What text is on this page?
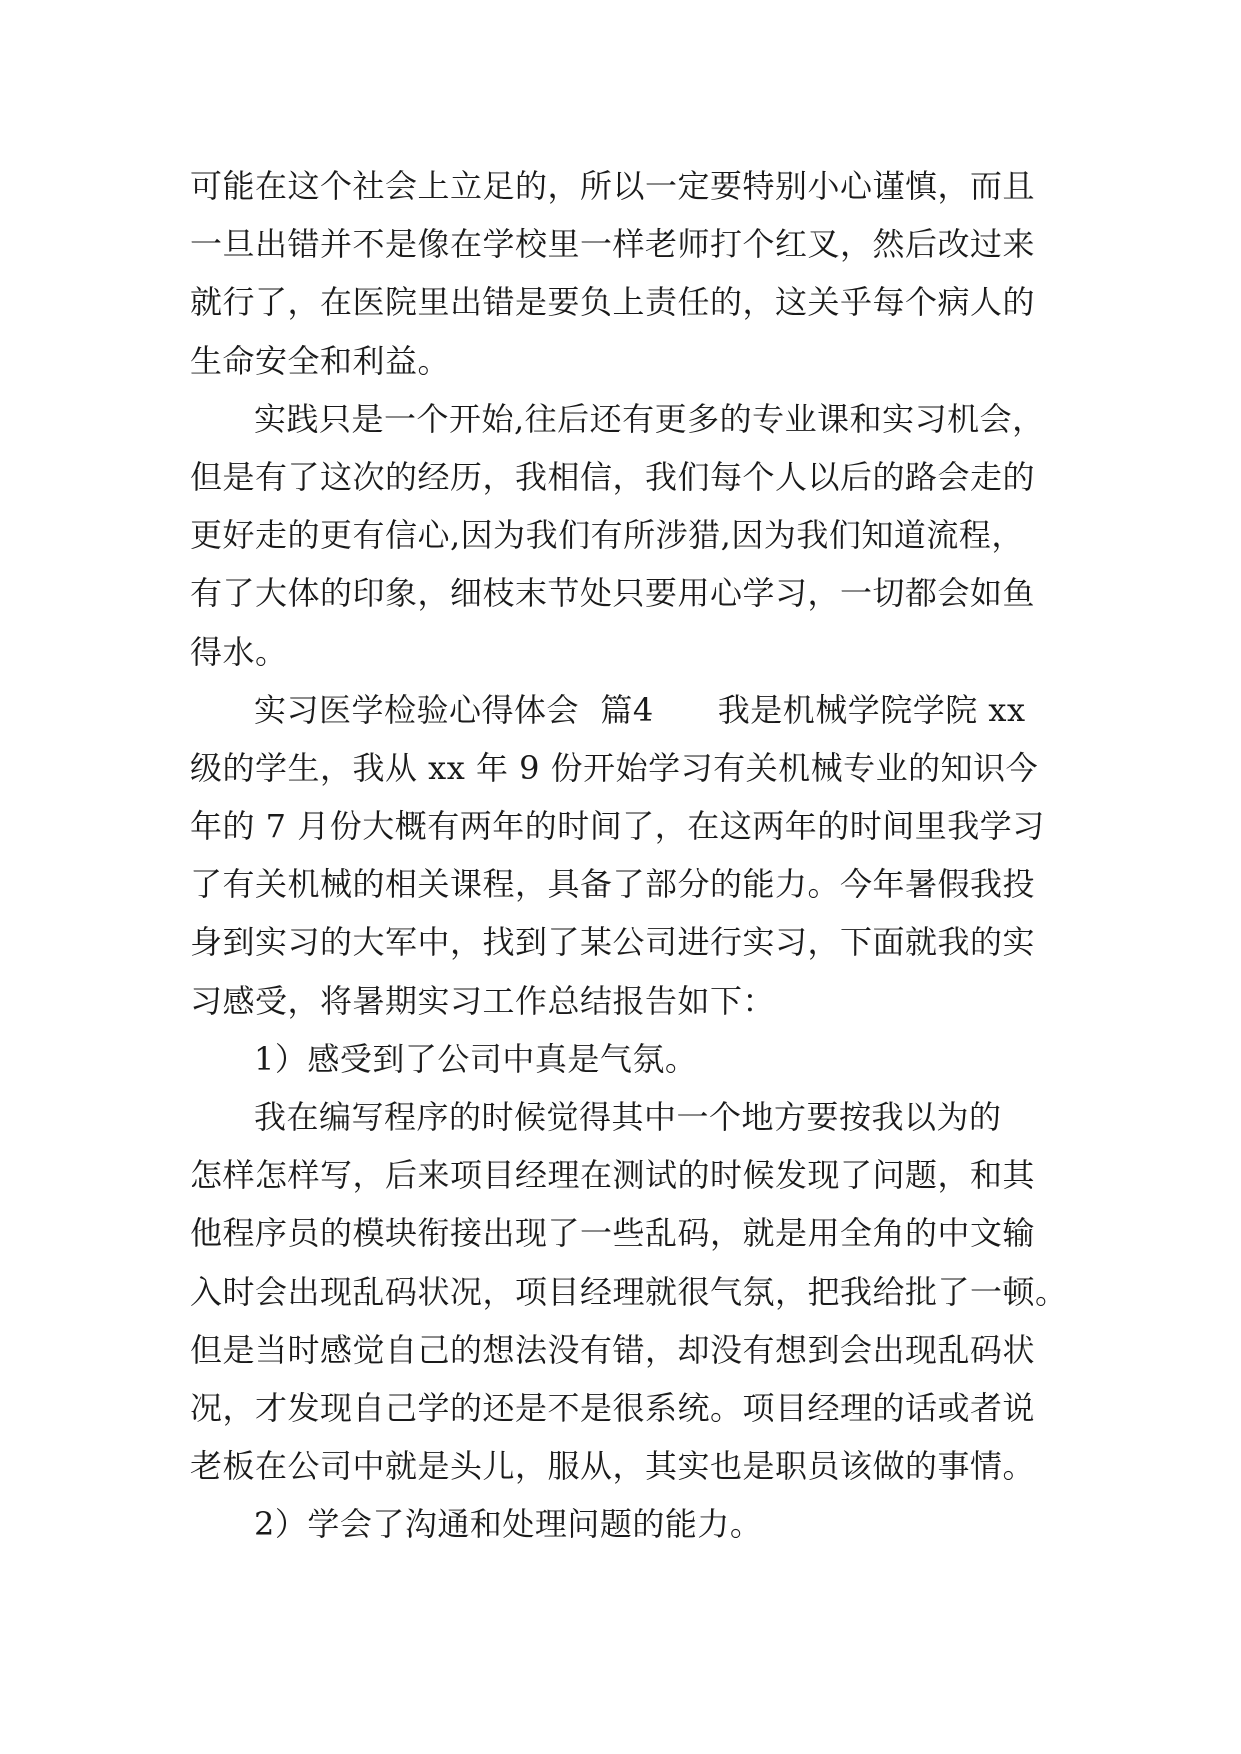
可能在这个社会上立足的，所以一定要特别小心谨慎，而且
一旦出错并不是像在学校里一样老师打个红叉，然后改过来
就行了，在医院里出错是要负上责任的，这关乎每个病人的
生命安全和利益。
实践只是一个开始,往后还有更多的专业课和实习机会，
但是有了这次的经历，我相信，我们每个人以后的路会走的
更好走的更有信心,因为我们有所涉猎,因为我们知道流程，
有了大体的印象，细枝末节处只要用心学习，一切都会如鱼
得水。
实习医学检验心得体会  篇4      我是机械学院学院 xx
级的学生，我从 xx 年 9 份开始学习有关机械专业的知识今
年的 7 月份大概有两年的时间了，在这两年的时间里我学习
了有关机械的相关课程，具备了部分的能力。今年暑假我投
身到实习的大军中，找到了某公司进行实习，下面就我的实
习感受，将暑期实习工作总结报告如下：
1）感受到了公司中真是气氛。
我在编写程序的时候觉得其中一个地方要按我以为的
怎样怎样写，后来项目经理在测试的时候发现了问题，和其
他程序员的模块衔接出现了一些乱码，就是用全角的中文输
入时会出现乱码状况，项目经理就很气氛，把我给批了一顿。
但是当时感觉自己的想法没有错，却没有想到会出现乱码状
况，才发现自己学的还是不是很系统。项目经理的话或者说
老板在公司中就是头儿，服从，其实也是职员该做的事情。
2）学会了沟通和处理问题的能力。
